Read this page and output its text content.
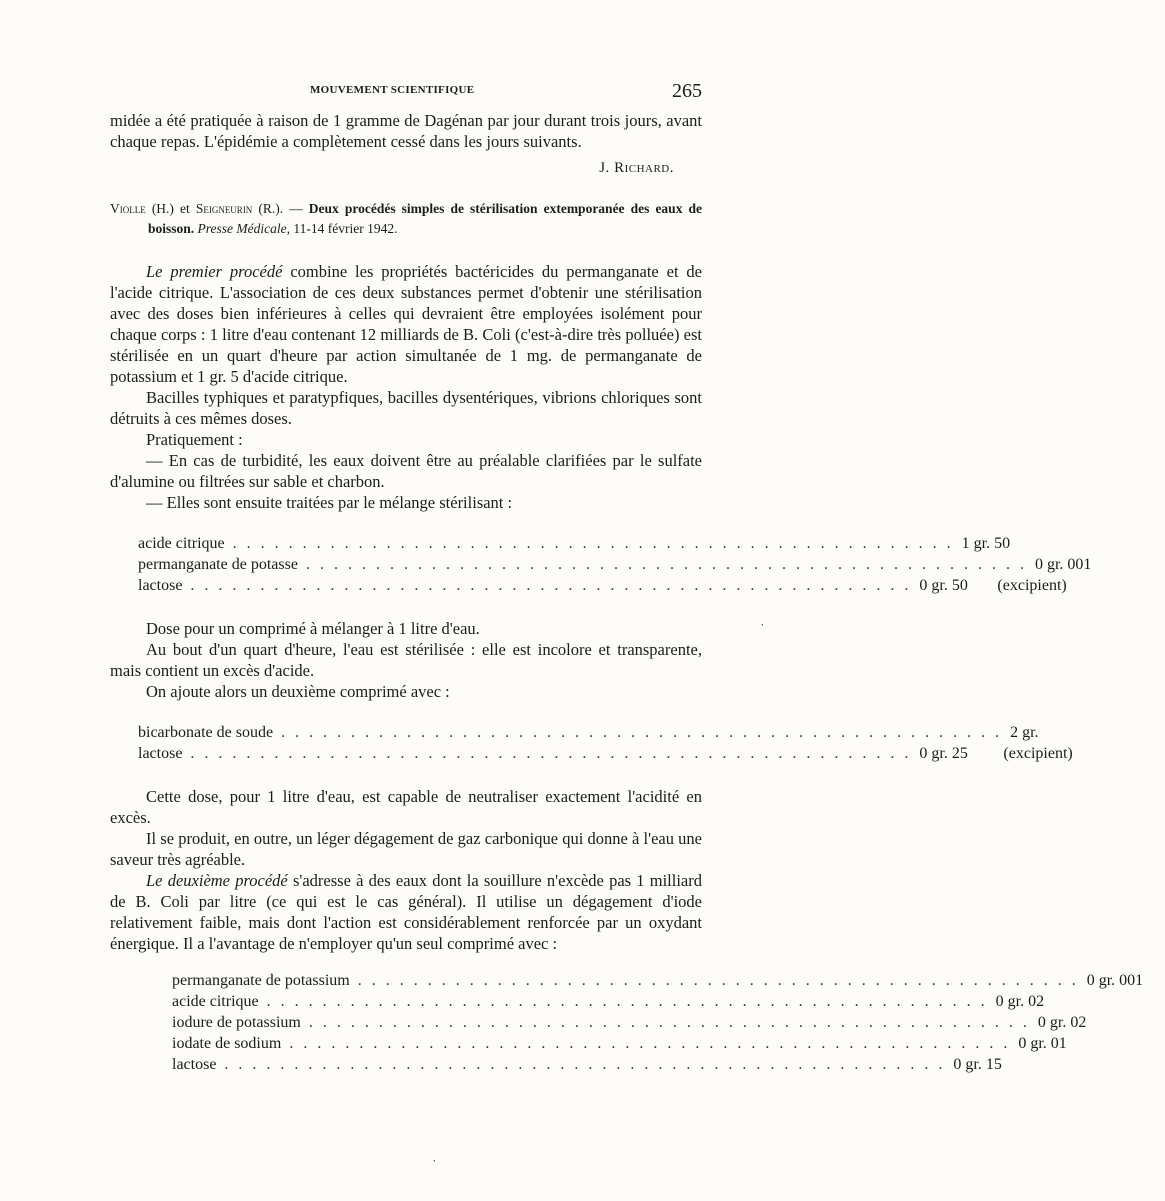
MOUVEMENT SCIENTIFIQUE	265

midée a été pratiquée à raison de 1 gramme de Dagénan par jour durant trois jours, avant chaque repas. L'épidémie a complètement cessé dans les jours suivants.

J. Richard.

Violle (H.) et Seigneurin (R.). — Deux procédés simples de stérilisation extemporanée des eaux de boisson. Presse Médicale, 11-14 février 1942.

Le premier procédé combine les propriétés bactéricides du permanganate et de l'acide citrique. L'association de ces deux substances permet d'obtenir une stérilisation avec des doses bien inférieures à celles qui devraient être employées isolément pour chaque corps : 1 litre d'eau contenant 12 milliards de B. Coli (c'est-à-dire très polluée) est stérilisée en un quart d'heure par action simultanée de 1 mg. de permanganate de potassium et 1 gr. 5 d'acide citrique.

Bacilles typhiques et paratypfiques, bacilles dysentériques, vibrions chloriques sont détruits à ces mêmes doses.

Pratiquement :

— En cas de turbidité, les eaux doivent être au préalable clarifiées par le sulfate d'alumine ou filtrées sur sable et charbon.

— Elles sont ensuite traitées par le mélange stérilisant :

acide citrique . . . . . . . . . . . . . . . . . . . . . . . . . . . . . . . . . . . . . . . . . . . . . . . . . . . . 1 gr. 50
permanganate de potasse . . . . . . . . . . . . . . . . . . . . . . . . . . . . . . . . . . . . . . . . . . . . . . . . . . . . 0 gr. 001
lactose . . . . . . . . . . . . . . . . . . . . . . . . . . . . . . . . . . . . . . . . . . . . . . . . . . . . 0 gr. 50	(excipient)

Dose pour un comprimé à mélanger à 1 litre d'eau.

Au bout d'un quart d'heure, l'eau est stérilisée : elle est incolore et transparente, mais contient un excès d'acide.

On ajoute alors un deuxième comprimé avec :

bicarbonate de soude . . . . . . . . . . . . . . . . . . . . . . . . . . . . . . . . . . . . . . . . . . . . . . . . . . . . 2 gr.
lactose . . . . . . . . . . . . . . . . . . . . . . . . . . . . . . . . . . . . . . . . . . . . . . . . . . . . 0 gr. 25	(excipient)

Cette dose, pour 1 litre d'eau, est capable de neutraliser exactement l'acidité en excès.

Il se produit, en outre, un léger dégagement de gaz carbonique qui donne à l'eau une saveur très agréable.

Le deuxième procédé s'adresse à des eaux dont la souillure n'excède pas 1 milliard de B. Coli par litre (ce qui est le cas général). Il utilise un dégagement d'iode relativement faible, mais dont l'action est considérablement renforcée par un oxydant énergique. Il a l'avantage de n'employer qu'un seul comprimé avec :

permanganate de potassium . . . . . . . . . . . . . . . . . . . . . . . . . . . . . . . . . . . . . . . . . . . . . . . . . . . . 0 gr. 001
acide citrique . . . . . . . . . . . . . . . . . . . . . . . . . . . . . . . . . . . . . . . . . . . . . . . . . . . . 0 gr. 02
iodure de potassium . . . . . . . . . . . . . . . . . . . . . . . . . . . . . . . . . . . . . . . . . . . . . . . . . . . . 0 gr. 02
iodate de sodium . . . . . . . . . . . . . . . . . . . . . . . . . . . . . . . . . . . . . . . . . . . . . . . . . . . . 0 gr. 01
lactose . . . . . . . . . . . . . . . . . . . . . . . . . . . . . . . . . . . . . . . . . . . . . . . . . . . . 0 gr. 15
˙
˙
